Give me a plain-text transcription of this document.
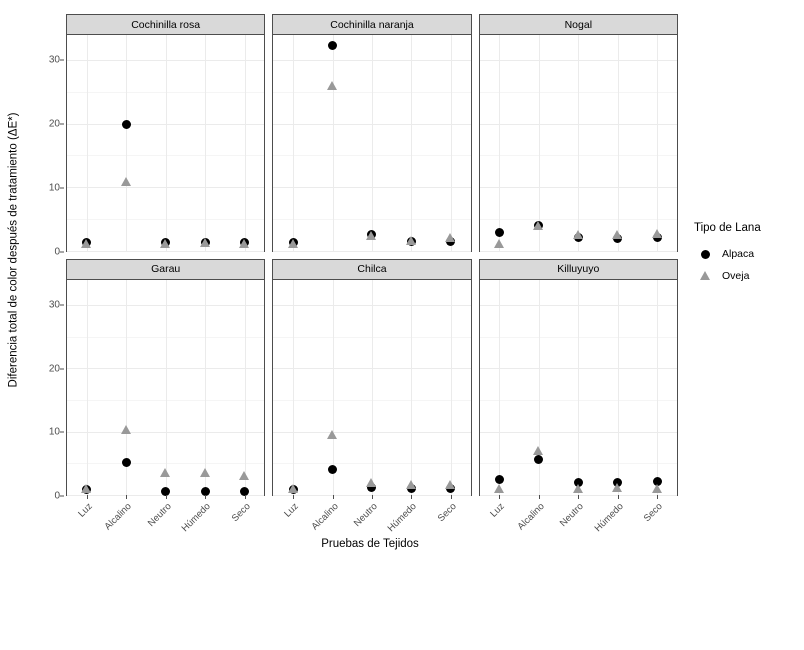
Diferencia total de color después de tratamiento (ΔE*)	0
10
20
30
0
10
20
30
Cochinilla rosa	Cochinilla naranja	Nogal
Garau
Luz Alcalino	Neutro Húmedo	Seco
Chilca
Luz Alcalino	Neutro Húmedo	Seco
Killuyuyo
Luz Alcalino	Neutro Húmedo	Seco
Pruebas de Tejidos
Tipo de Lana
Alpaca
Oveja
